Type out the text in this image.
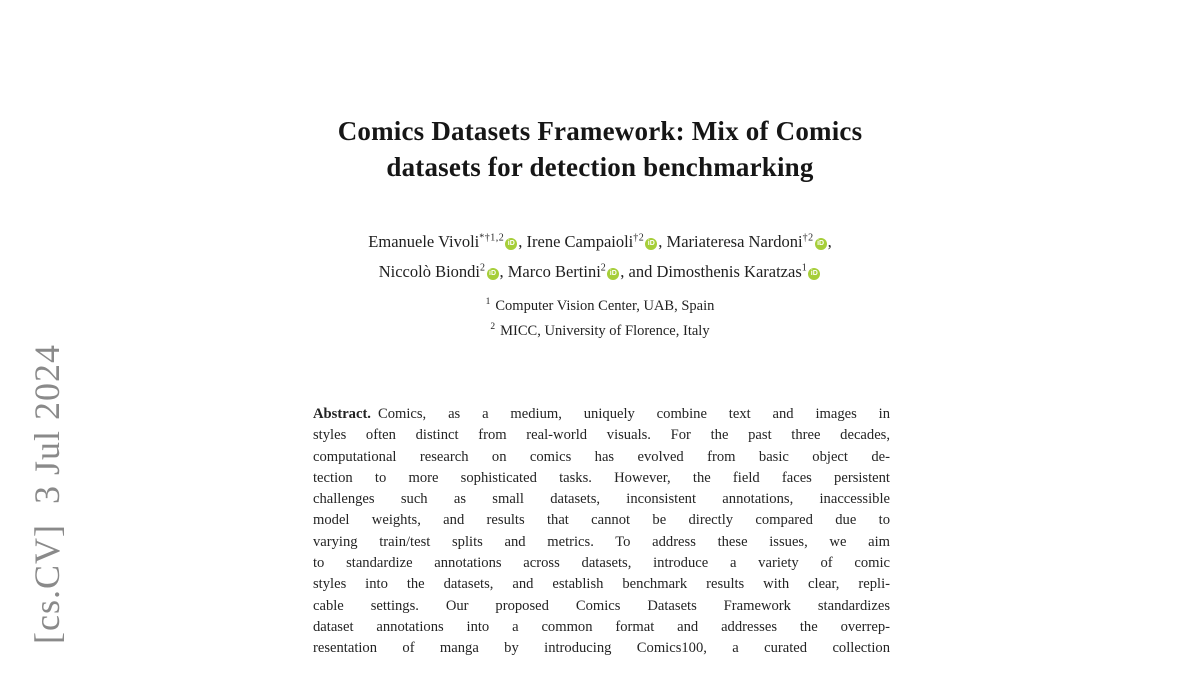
[cs.CV]  3 Jul 2024
Comics Datasets Framework: Mix of Comics
datasets for detection benchmarking
Emanuele Vivoli$^{*\dagger 1,2}$ iD , Irene Campaioli$^{\dagger 2}$ iD , Mariateresa Nardoni$^{\dagger 2}$ iD ,
Niccolò Biondi$^2$ iD , Marco Bertini$^2$ iD , and Dimosthenis Karatzas$^1$ iD
$^1$ Computer Vision Center, UAB, Spain
$^2$ MICC, University of Florence, Italy
Abstract. Comics, as a medium, uniquely combine text and images in
styles often distinct from real-world visuals. For the past three decades,
computational research on comics has evolved from basic object de-
tection to more sophisticated tasks. However, the field faces persistent
challenges such as small datasets, inconsistent annotations, inaccessible
model weights, and results that cannot be directly compared due to
varying train/test splits and metrics. To address these issues, we aim
to standardize annotations across datasets, introduce a variety of comic
styles into the datasets, and establish benchmark results with clear, repli-
cable settings. Our proposed Comics Datasets Framework standardizes
dataset annotations into a common format and addresses the overrep-
resentation of manga by introducing Comics100, a curated collection
